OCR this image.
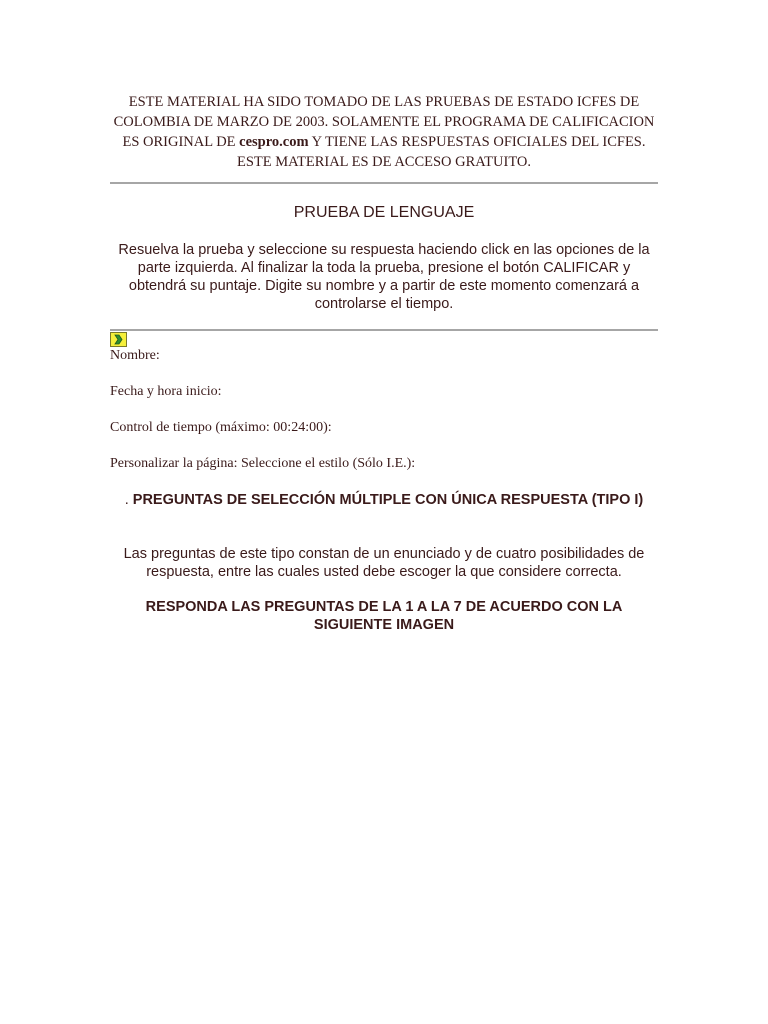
ESTE MATERIAL HA SIDO TOMADO DE LAS PRUEBAS DE ESTADO ICFES DE COLOMBIA DE MARZO DE 2003. SOLAMENTE EL PROGRAMA DE CALIFICACION ES ORIGINAL DE cespro.com Y TIENE LAS RESPUESTAS OFICIALES DEL ICFES. ESTE MATERIAL ES DE ACCESO GRATUITO.
PRUEBA DE LENGUAJE
Resuelva la prueba y seleccione su respuesta haciendo click en las opciones de la parte izquierda. Al finalizar la toda la prueba, presione el botón CALIFICAR y obtendrá su puntaje. Digite su nombre y a partir de este momento comenzará a controlarse el tiempo.
Nombre:
Fecha y hora inicio:
Control de tiempo (máximo: 00:24:00):
Personalizar la página: Seleccione el estilo (Sólo I.E.):
. PREGUNTAS DE SELECCIÓN MÚLTIPLE CON ÚNICA RESPUESTA (TIPO I)
Las preguntas de este tipo constan de un enunciado y de cuatro posibilidades de respuesta, entre las cuales usted debe escoger la que considere correcta.
RESPONDA LAS PREGUNTAS DE LA 1 A LA 7 DE ACUERDO CON LA SIGUIENTE IMAGEN
